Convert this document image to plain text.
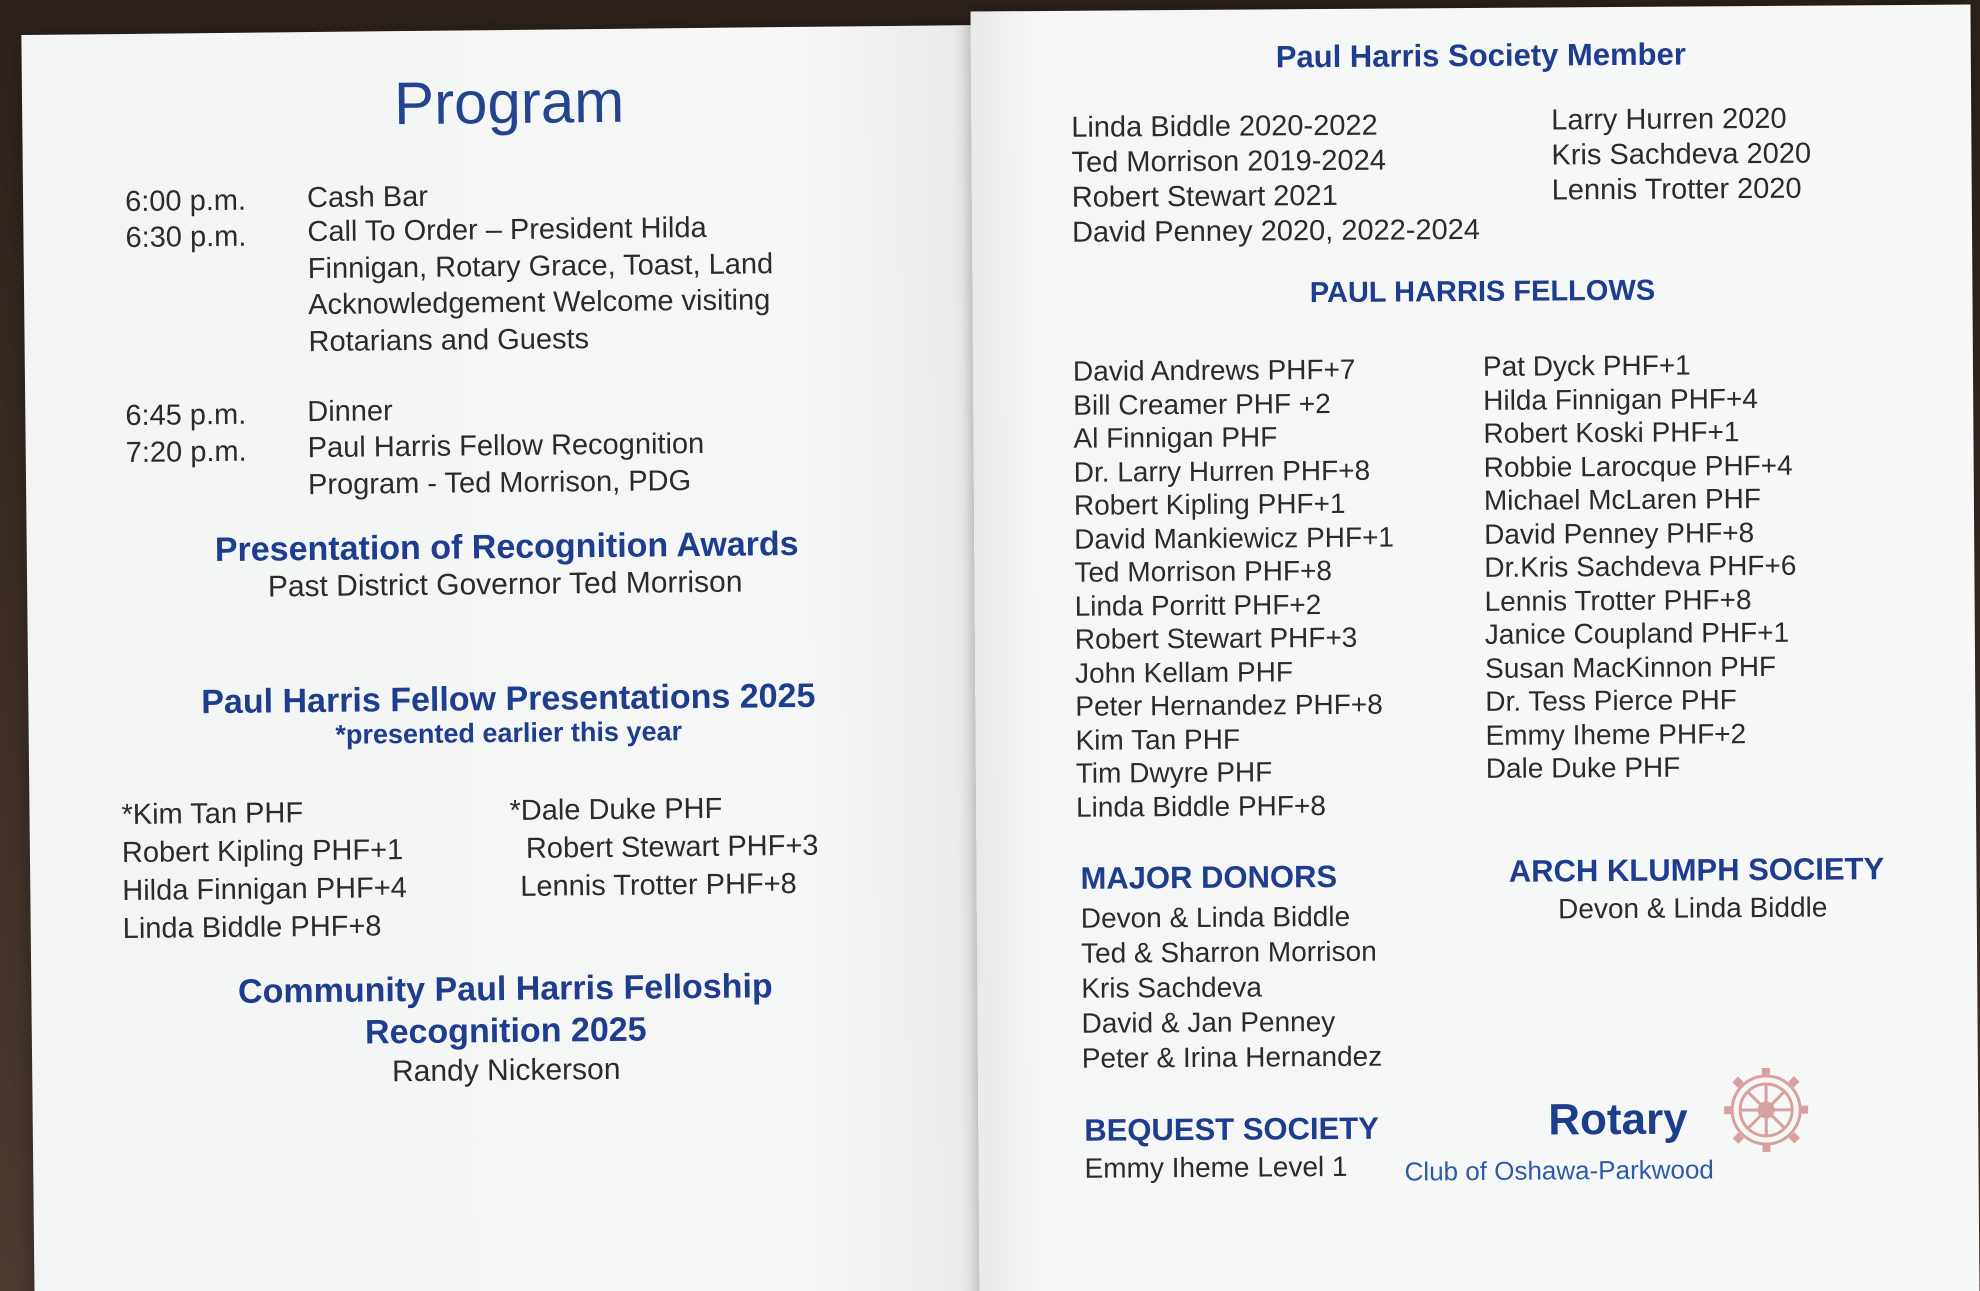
Program
6:00 p.m. Cash Bar
6:30 p.m. Call To Order – President Hilda Finnigan, Rotary Grace, Toast, Land Acknowledgement Welcome visiting Rotarians and Guests
6:45 p.m. Dinner
7:20 p.m. Paul Harris Fellow Recognition Program - Ted Morrison, PDG
Presentation of Recognition Awards
Past District Governor Ted Morrison
Paul Harris Fellow Presentations 2025
*presented earlier this year
*Kim Tan PHF
Robert Kipling PHF+1
Hilda Finnigan PHF+4
Linda Biddle PHF+8
*Dale Duke PHF
Robert Stewart PHF+3
Lennis Trotter PHF+8
Community Paul Harris Felloship
Recognition 2025
Randy Nickerson
Paul Harris Society Member
Linda Biddle 2020-2022
Ted Morrison 2019-2024
Robert Stewart 2021
David Penney 2020, 2022-2024
Larry Hurren 2020
Kris Sachdeva 2020
Lennis Trotter 2020
PAUL HARRIS FELLOWS
David Andrews PHF+7
Bill Creamer PHF +2
Al Finnigan PHF
Dr. Larry Hurren PHF+8
Robert Kipling PHF+1
David Mankiewicz PHF+1
Ted Morrison PHF+8
Linda Porritt PHF+2
Robert Stewart PHF+3
John Kellam PHF
Peter Hernandez PHF+8
Kim Tan PHF
Tim Dwyre PHF
Linda Biddle PHF+8
Pat Dyck PHF+1
Hilda Finnigan PHF+4
Robert Koski PHF+1
Robbie Larocque PHF+4
Michael McLaren PHF
David Penney PHF+8
Dr.Kris Sachdeva PHF+6
Lennis Trotter PHF+8
Janice Coupland PHF+1
Susan MacKinnon PHF
Dr. Tess Pierce PHF
Emmy Iheme PHF+2
Dale Duke PHF
MAJOR DONORS
Devon & Linda Biddle
Ted & Sharron Morrison
Kris Sachdeva
David & Jan Penney
Peter & Irina Hernandez
ARCH KLUMPH SOCIETY
Devon & Linda Biddle
BEQUEST SOCIETY
Emmy Iheme Level 1
Rotary
Club of Oshawa-Parkwood
